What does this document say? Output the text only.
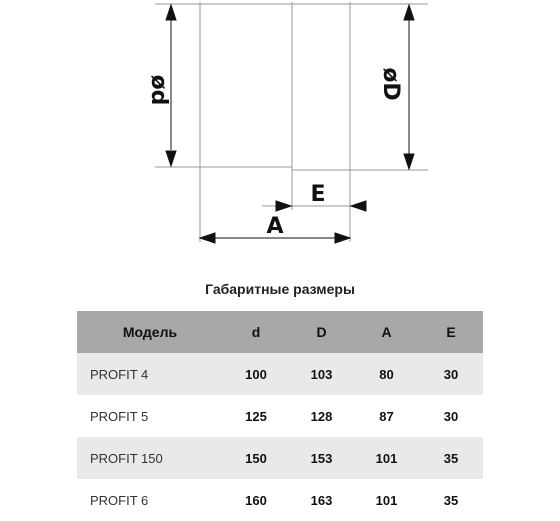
ød	øD
E
A
Габаритные размеры
Модель	d	D	A	E
PROFIT 4	100	103	80	30
PROFIT 5	125	128	87	30
PROFIT 150	150	153	101	35
PROFIT 6	160	163	101	35
